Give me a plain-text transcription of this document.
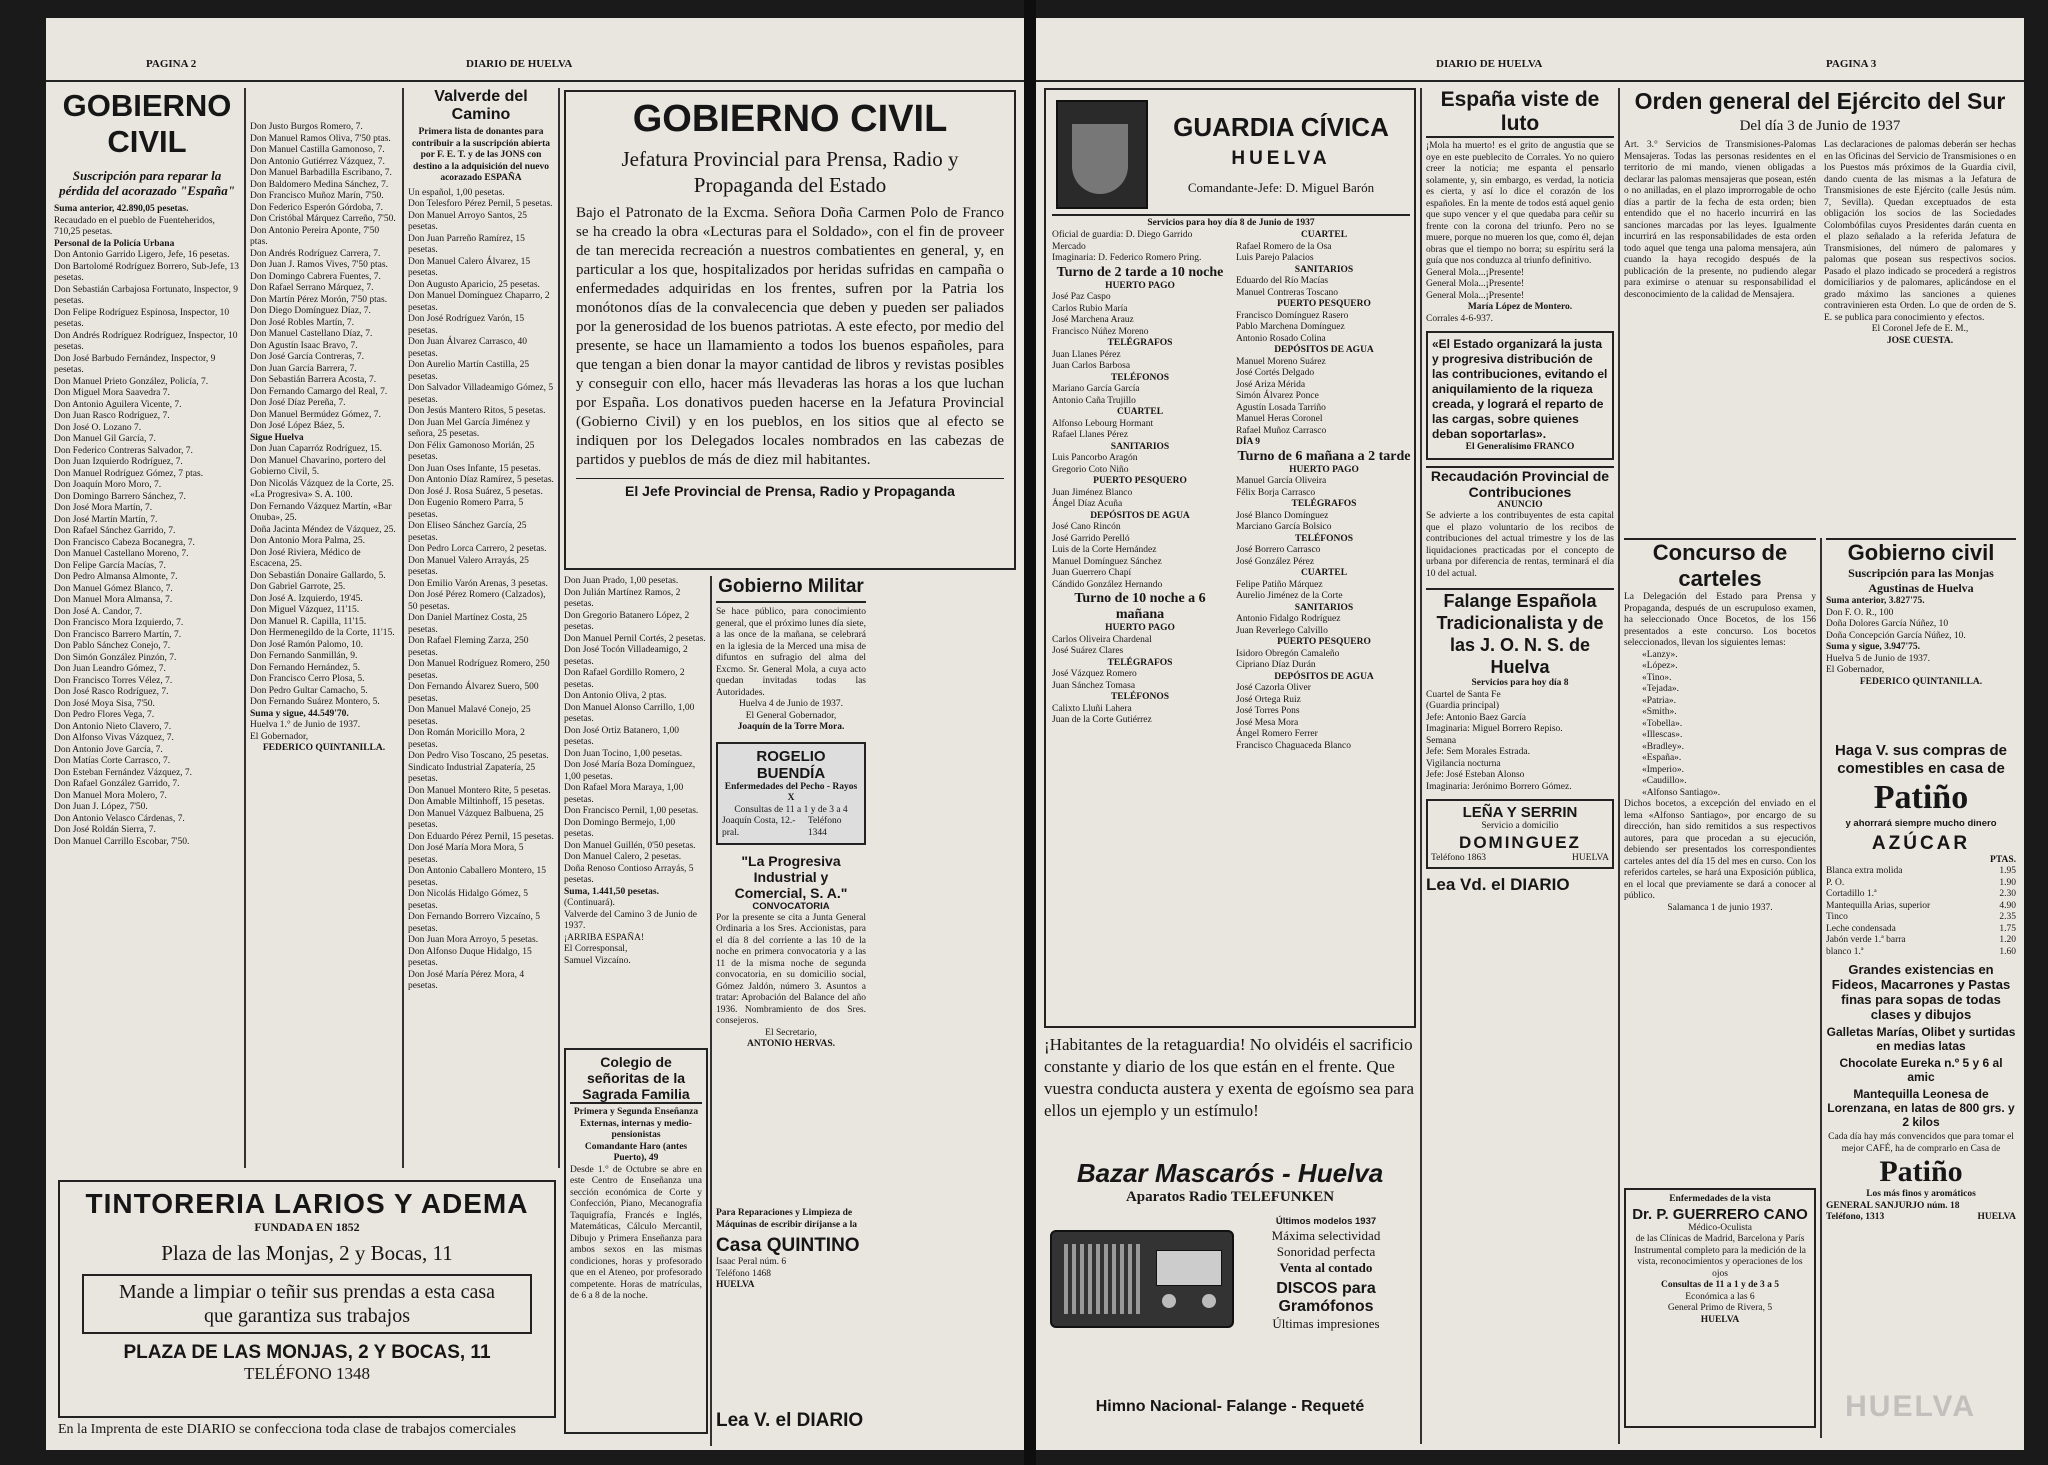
PAGINA 2	DIARIO DE HUELVA
GOBIERNO CIVIL
Suscripción para reparar la pérdida del acorazado "España"
Suma anterior, 42.890,05 pesetas.
Recaudado en el pueblo de Fuenteheridos, 710,25 pesetas.
Personal de la Policía Urbana
Don Antonio Garrido Ligero, Jefe, 16 pesetas.
Don Bartolomé Rodríguez Borrero, Sub-Jefe, 13 pesetas.
Don Sebastián Carbajosa Fortunato, Inspector, 9 pesetas.
Don Felipe Rodríguez Espinosa, Inspector, 10 pesetas.
Don Andrés Rodríguez Rodríguez, Inspector, 10 pesetas.
Don José Barbudo Fernández, Inspector, 9 pesetas.
Don Manuel Prieto González, Policía, 7.
Don Miguel Mora Saavedra 7.
Don Antonio Aguilera Vicente, 7.
Don Juan Rasco Rodríguez, 7.
Don José O. Lozano 7.
Don Manuel Gil García, 7.
Don Federico Contreras Salvador, 7.
Don Juan Izquierdo Rodríguez, 7.
Don Manuel Rodríguez Gómez, 7 ptas.
Don Joaquín Moro Moro, 7.
Don Domingo Barrero Sánchez, 7.
Don José Mora Martín, 7.
Don José Martín Martín, 7.
Don Rafael Sánchez Garrido, 7.
Don Francisco Cabeza Bocanegra, 7.
Don Manuel Castellano Moreno, 7.
Don Felipe García Macías, 7.
Don Pedro Almansa Almonte, 7.
Don Manuel Gómez Blanco, 7.
Don Manuel Mora Almansa, 7.
Don José A. Candor, 7.
Don Francisco Mora Izquierdo, 7.
Don Francisco Barrero Martín, 7.
Don Pablo Sánchez Conejo, 7.
Don Simón González Pinzón, 7.
Don Juan Leandro Gómez, 7.
Don Francisco Torres Vélez, 7.
Don José Rasco Rodríguez, 7.
Don José Moya Sisa, 7'50.
Don Pedro Flores Vega, 7.
Don Antonio Nieto Clavero, 7.
Don Alfonso Vivas Vázquez, 7.
Don Antonio Jove García, 7.
Don Matías Corte Carrasco, 7.
Don Esteban Fernández Vázquez, 7.
Don Rafael González Garrido, 7.
Don Manuel Mora Molero, 7.
Don Juan J. López, 7'50.
Don Antonio Velasco Cárdenas, 7.
Don José Roldán Sierra, 7.
Don Manuel Carrillo Escobar, 7'50.
Don Justo Burgos Romero, 7.
Don Manuel Ramos Oliva, 7'50 ptas.
Don Manuel Castilla Gamonoso, 7.
Don Antonio Gutiérrez Vázquez, 7.
Don Manuel Barbadilla Escribano, 7.
Don Baldomero Medina Sánchez, 7.
Don Francisco Muñoz Marín, 7'50.
Don Federico Esperón Górdoba, 7.
Don Cristóbal Márquez Carreño, 7'50.
Don Antonio Pereira Aponte, 7'50 ptas.
Don Andrés Rodríguez Carrera, 7.
Don Juan J. Ramos Vives, 7'50 ptas.
Don Domingo Cabrera Fuentes, 7.
Don Rafael Serrano Márquez, 7.
Don Martín Pérez Morón, 7'50 ptas.
Don Diego Domínguez Díaz, 7.
Don José Robles Martín, 7.
Don Manuel Castellano Díaz, 7.
Don Agustín Isaac Bravo, 7.
Don José García Contreras, 7.
Don Juan García Barrera, 7.
Don Sebastián Barrera Acosta, 7.
Don Fernando Camargo del Real, 7.
Don José Díaz Pereña, 7.
Don Manuel Bermúdez Gómez, 7.
Don José López Báez, 5.
Sigue Huelva
Don Juan Caparróz Rodríguez, 15.
Don Manuel Chavarino, portero del Gobierno Civil, 5.
Don Nicolás Vázquez de la Corte, 25.
«La Progresiva» S. A. 100.
Don Fernando Vázquez Martín, «Bar Onuba», 25.
Doña Jacinta Méndez de Vázquez, 25.
Don Antonio Mora Palma, 25.
Don José Riviera, Médico de Escacena, 25.
Don Sebastián Donaire Gallardo, 5.
Don Gabriel Garrote, 25.
Don José A. Izquierdo, 19'45.
Don Miguel Vázquez, 11'15.
Don Manuel R. Capilla, 11'15.
Don Hermenegildo de la Corte, 11'15.
Don José Ramón Palomo, 10.
Don Fernando Sanmillán, 9.
Don Fernando Hernández, 5.
Don Francisco Cerro Plosa, 5.
Don Pedro Gultar Camacho, 5.
Don Fernando Suárez Montero, 5.
Suma y sigue, 44.549'70.
Huelva 1.° de Junio de 1937.
El Gobernador,
FEDERICO QUINTANILLA.
Valverde del Camino
Primera lista de donantes para contribuir a la suscripción abierta por F. E. T. y de las JONS con destino a la adquisición del nuevo acorazado ESPAÑA
Un español, 1,00 pesetas.
Don Telesforo Pérez Pernil, 5 pesetas.
Don Manuel Arroyo Santos, 25 pesetas.
Don Juan Parreño Ramírez, 15 pesetas.
Don Manuel Calero Álvarez, 15 pesetas.
Don Augusto Aparicio, 25 pesetas.
Don Manuel Domínguez Chaparro, 2 pesetas.
Don José Rodríguez Varón, 15 pesetas.
Don Juan Álvarez Carrasco, 40 pesetas.
Don Aurelio Martín Castilla, 25 pesetas.
Don Salvador Villadeamigo Gómez, 5 pesetas.
Don Jesús Mantero Ritos, 5 pesetas.
Don Juan Mel García Jiménez y señora, 25 pesetas.
Don Félix Gamonoso Morián, 25 pesetas.
Don Juan Oses Infante, 15 pesetas.
Don Antonio Díaz Ramírez, 5 pesetas.
Don José J. Rosa Suárez, 5 pesetas.
Don Eugenio Romero Parra, 5 pesetas.
Don Eliseo Sánchez García, 25 pesetas.
Don Pedro Lorca Carrero, 2 pesetas.
Don Manuel Valero Arrayás, 25 pesetas.
Don Emilio Varón Arenas, 3 pesetas.
Don José Pérez Romero (Calzados), 50 pesetas.
Don Daniel Martínez Costa, 25 pesetas.
Don Rafael Fleming Zarza, 250 pesetas.
Don Manuel Rodríguez Romero, 250 pesetas.
Don Fernando Álvarez Suero, 500 pesetas.
Don Manuel Malavé Conejo, 25 pesetas.
Don Román Moricillo Mora, 2 pesetas.
Don Pedro Viso Toscano, 25 pesetas.
Sindicato Industrial Zapatería, 25 pesetas.
Don Manuel Montero Rite, 5 pesetas.
Don Amable Miltinhoff, 15 pesetas.
Don Manuel Vázquez Balbuena, 25 pesetas.
Don Eduardo Pérez Pernil, 15 pesetas.
Don José María Mora Mora, 5 pesetas.
Don Antonio Caballero Montero, 15 pesetas.
Don Nicolás Hidalgo Gómez, 5 pesetas.
Don Fernando Borrero Vizcaíno, 5 pesetas.
Don Juan Mora Arroyo, 5 pesetas.
Don Alfonso Duque Hidalgo, 15 pesetas.
Don José María Pérez Mora, 4 pesetas.
GOBIERNO CIVIL
Jefatura Provincial para Prensa, Radio y Propaganda del Estado
Bajo el Patronato de la Excma. Señora Doña Carmen Polo de Franco se ha creado la obra «Lecturas para el Soldado», con el fin de proveer de tan merecida recreación a nuestros combatientes en general, y, en particular a los que, hospitalizados por heridas sufridas en campaña o enfermedades adquiridas en los frentes, sufren por la Patria los monótonos días de la convalecencia que deben y pueden ser paliados por la generosidad de los buenos patriotas. A este efecto, por medio del presente, se hace un llamamiento a todos los buenos españoles, para que tengan a bien donar la mayor cantidad de libros y revistas posibles y conseguir con ello, hacer más llevaderas las horas a los que luchan por España. Los donativos pueden hacerse en la Jefatura Provincial (Gobierno Civil) y en los pueblos, en los sitios que al efecto se indiquen por los Delegados locales nombrados en las cabezas de partidos y pueblos de más de diez mil habitantes.
El Jefe Provincial de Prensa, Radio y Propaganda
Don Juan Prado, 1,00 pesetas.
Don Julián Martínez Ramos, 2 pesetas.
Don Gregorio Batanero López, 2 pesetas.
Don Manuel Pernil Cortés, 2 pesetas.
Don José Tocón Villadeamigo, 2 pesetas.
Don Rafael Gordillo Romero, 2 pesetas.
Don Antonio Oliva, 2 ptas.
Don Manuel Alonso Carrillo, 1,00 pesetas.
Don José Ortiz Batanero, 1,00 pesetas.
Don Juan Tocino, 1,00 pesetas.
Don José María Boza Domínguez, 1,00 pesetas.
Don Rafael Mora Maraya, 1,00 pesetas.
Don Francisco Pernil, 1,00 pesetas.
Don Domingo Bermejo, 1,00 pesetas.
Don Manuel Guillén, 0'50 pesetas.
Don Manuel Calero, 2 pesetas.
Doña Renoso Contioso Arrayás, 5 pesetas.
Suma, 1.441,50 pesetas.
(Continuará).
Valverde del Camino 3 de Junio de 1937.
¡ARRIBA ESPAÑA!
El Corresponsal,
Samuel Vizcaíno.
Gobierno Militar
Se hace público, para conocimiento general, que el próximo lunes día siete, a las once de la mañana, se celebrará en la iglesia de la Merced una misa de difuntos en sufragio del alma del Excmo. Sr. General Mola, a cuya acto quedan invitadas todas las Autoridades.
Huelva 4 de Junio de 1937.
El General Gobernador,
Joaquín de la Torre Mora.
ROGELIO BUENDÍA
Enfermedades del Pecho - Rayos X
Consultas de 11 a 1 y de 3 a 4
Joaquín Costa, 12.-pral.
Teléfono 1344
"La Progresiva Industrial y Comercial, S. A."
CONVOCATORIA
Por la presente se cita a Junta General Ordinaria a los Sres. Accionistas, para el día 8 del corriente a las 10 de la noche en primera convocatoria y a las 11 de la misma noche de segunda convocatoria, en su domicilio social, Gómez Jaldón, número 3. Asuntos a tratar: Aprobación del Balance del año 1936. Nombramiento de dos Sres. consejeros.
El Secretario,
ANTONIO HERVAS.
Colegio de señoritas de la Sagrada Familia
Primera y Segunda Enseñanza Externas, internas y medio-pensionistas
Comandante Haro (antes Puerto), 49
Desde 1.° de Octubre se abre en este Centro de Enseñanza una sección económica de Corte y Confección, Piano, Mecanografía Taquigrafía, Francés e Inglés, Matemáticas, Cálculo Mercantil, Dibujo y Primera Enseñanza para ambos sexos en las mismas condiciones, horas y profesorado que en el Ateneo, por profesorado competente. Horas de matrículas, de 6 a 8 de la noche.
Para Reparaciones y Limpieza de Máquinas de escribir diríjanse a la
Casa QUINTINO
Isaac Peral núm. 6
Teléfono 1468
HUELVA
Lea V. el DIARIO
TINTORERIA LARIOS Y ADEMA
FUNDADA EN 1852
Plaza de las Monjas, 2 y Bocas, 11
Mande a limpiar o teñir sus prendas a esta casa
que garantiza sus trabajos
PLAZA DE LAS MONJAS, 2 Y BOCAS, 11
TELÉFONO 1348
En la Imprenta de este DIARIO se confecciona toda clase de trabajos comerciales
DIARIO DE HUELVA	PAGINA 3
GUARDIA CÍVICA
HUELVA
Comandante-Jefe: D. Miguel Barón
Servicios para hoy día 8 de Junio de 1937
Oficial de guardia: D. Diego Garrido Mercado
Imaginaria: D. Federico Romero Pring.
Turno de 2 tarde a 10 noche
HUERTO PAGO
José Paz Caspo
Carlos Rubio María
José Marchena Arauz
Francisco Núñez Moreno
TELÉGRAFOS
Juan Llanes Pérez
Juan Carlos Barbosa
TELÉFONOS
Mariano García García
Antonio Caña Trujillo
CUARTEL
Alfonso Lebourg Hormant
Rafael Llanes Pérez
SANITARIOS
Luis Pancorbo Aragón
Gregorio Coto Niño
PUERTO PESQUERO
Juan Jiménez Blanco
Ángel Díaz Acuña
DEPÓSITOS DE AGUA
José Cano Rincón
José Garrido Perelló
Luis de la Corte Hernández
Manuel Domínguez Sánchez
Juan Guerrero Chapí
Cándido González Hernando
Turno de 10 noche a 6 mañana
HUERTO PAGO
Carlos Oliveira Chardenal
José Suárez Clares
TELÉGRAFOS
José Vázquez Romero
Juan Sánchez Tomasa
TELÉFONOS
Calixto Lluñi Lahera
Juan de la Corte Gutiérrez
CUARTEL
Rafael Romero de la Osa
Luis Parejo Palacios
SANITARIOS
Eduardo del Río Macías
Manuel Contreras Toscano
PUERTO PESQUERO
Francisco Domínguez Rasero
Pablo Marchena Domínguez
Antonio Rosado Colina
DEPÓSITOS DE AGUA
Manuel Moreno Suárez
José Cortés Delgado
José Ariza Mérida
Simón Álvarez Ponce
Agustín Losada Tarriño
Manuel Heras Coronel
Rafael Muñoz Carrasco
DÍA 9
Turno de 6 mañana a 2 tarde
HUERTO PAGO
Manuel García Oliveira
Félix Borja Carrasco
TELÉGRAFOS
José Blanco Domínguez
Marciano García Bolsico
TELÉFONOS
José Borrero Carrasco
José González Pérez
CUARTEL
Felipe Patiño Márquez
Aurelio Jiménez de la Corte
SANITARIOS
Antonio Fidalgo Rodríguez
Juan Reverlego Calvillo
PUERTO PESQUERO
Isidoro Obregón Camaleño
Cipriano Díaz Durán
DEPÓSITOS DE AGUA
José Cazorla Oliver
José Ortega Ruiz
José Torres Pons
José Mesa Mora
Ángel Romero Ferrer
Francisco Chaguaceda Blanco
¡Habitantes de la retaguardia! No olvidéis el sacrificio constante y diario de los que están en el frente. Que vuestra conducta austera y exenta de egoísmo sea para ellos un ejemplo y un estímulo!
Bazar Mascarós - Huelva
Aparatos Radio TELEFUNKEN
Últimos modelos 1937
Máxima selectividad
Sonoridad perfecta
Venta al contado
DISCOS para Gramófonos
Últimas impresiones
Himno Nacional- Falange - Requeté
España viste de luto
¡Mola ha muerto! es el grito de angustia que se oye en este pueblecito de Corrales. Yo no quiero creer la noticia; me espanta el pensarlo solamente, y, sin embargo, es verdad, la noticia es cierta, y así lo dice el corazón de los españoles. En la mente de todos está aquel genio que supo vencer y el que quedaba para ceñir su frente con la corona del triunfo. Pero no se muere, porque no mueren los que, como él, dejan obras que el tiempo no borra; su espíritu será la guía que nos conduzca al triunfo definitivo.
General Mola...¡Presente!
General Mola...¡Presente!
General Mola...¡Presente!
María López de Montero.
Corrales 4-6-937.
«El Estado organizará la justa y progresiva distribución de las contribuciones, evitando el aniquilamiento de la riqueza creada, y logrará el reparto de las cargas, sobre quienes deban soportarlas».
El Generalísimo FRANCO
Recaudación Provincial de Contribuciones
ANUNCIO
Se advierte a los contribuyentes de esta capital que el plazo voluntario de los recibos de contribuciones del actual trimestre y los de las liquidaciones practicadas por el concepto de urbana por diferencia de rentas, terminará el día 10 del actual.
Falange Española Tradicionalista y de las J. O. N. S. de Huelva
Servicios para hoy día 8
Cuartel de Santa Fe
(Guardia principal)
Jefe: Antonio Baez García
Imaginaria: Miguel Borrero Repiso.
Semana
Jefe: Sem Morales Estrada.
Vigilancia nocturna
Jefe: José Esteban Alonso
Imaginaria: Jerónimo Borrero Gómez.
LEÑA Y SERRIN
Servicio a domicilio
DOMINGUEZ
Teléfono 1863	HUELVA
Lea Vd. el DIARIO
Orden general del Ejército del Sur
Del día 3 de Junio de 1937
Art. 3.° Servicios de Transmisiones-Palomas Mensajeras. Todas las personas residentes en el territorio de mi mando, vienen obligadas a declarar las palomas mensajeras que posean, estén o no anilladas, en el plazo improrrogable de ocho días a partir de la fecha de esta orden; bien entendido que el no hacerlo incurrirá en las sanciones marcadas por las leyes. Igualmente incurrirá en las responsabilidades de esta orden todo aquel que tenga una paloma mensajera, aún cuando la haya recogido después de la publicación de la presente, no pudiendo alegar para eximirse o atenuar su responsabilidad el desconocimiento de la calidad de Mensajera.
Las declaraciones de palomas deberán ser hechas en las Oficinas del Servicio de Transmisiones o en los Puestos más próximos de la Guardia civil, dando cuenta de las mismas a la Jefatura de Transmisiones de este Ejército (calle Jesús núm. 7, Sevilla). Quedan exceptuados de esta obligación los socios de las Sociedades Colombófilas cuyos Presidentes darán cuenta en el plazo señalado a la referida Jefatura de Transmisiones, del número de palomares y palomas que posean sus respectivos socios. Pasado el plazo indicado se procederá a registros domiciliarios y de palomares, aplicándose en el grado máximo las sanciones a quienes contravinieren esta Orden. Lo que de orden de S. E. se publica para conocimiento y efectos.
El Coronel Jefe de E. M.,
JOSE CUESTA.
Concurso de carteles
La Delegación del Estado para Prensa y Propaganda, después de un escrupuloso examen, ha seleccionado Once Bocetos, de los 156 presentados a este concurso. Los bocetos seleccionados, llevan los siguientes lemas:
«Lanzy».
«López».
«Tino».
«Tejada».
«Patria».
«Smith».
«Tobella».
«Illescas».
«Bradley».
«España».
«Imperio».
«Caudillo».
«Alfonso Santiago».
Dichos bocetos, a excepción del enviado en el lema «Alfonso Santiago», por encargo de su dirección, han sido remitidos a sus respectivos autores, para que procedan a su ejecución, debiendo ser presentados los correspondientes carteles antes del día 15 del mes en curso. Con los referidos carteles, se hará una Exposición pública, en el local que previamente se dará a conocer al público.
Salamanca 1 de junio 1937.
Enfermedades de la vista
Dr. P. GUERRERO CANO
Médico-Oculista
de las Clínicas de Madrid, Barcelona y París
Instrumental completo para la medición de la vista, reconocimientos y operaciones de los ojos
Consultas de 11 a 1 y de 3 a 5
Económica a las 6
General Primo de Rivera, 5
HUELVA
Gobierno civil
Suscripción para las Monjas Agustinas de Huelva
Suma anterior, 3.827'75.
Don F. O. R., 100
Doña Dolores García Núñez, 10
Doña Concepción García Núñez, 10.
Suma y sigue, 3.947'75.
Huelva 5 de Junio de 1937.
El Gobernador,
FEDERICO QUINTANILLA.
Haga V. sus compras de comestibles en casa de
Patiño
y ahorrará siempre mucho dinero
AZÚCAR
PTAS.
Blanca extra molida	1.95
P. O.	1.90
Cortadillo 1.ª	2.30
Mantequilla Arias, superior	4.90
Tinco	2.35
Leche condensada	1.75
Jabón verde 1.ª barra	1.20
blanco 1.ª	1.60
Grandes existencias en Fideos, Macarrones y Pastas finas para sopas de todas clases y dibujos
Galletas Marías, Olibet y surtidas en medias latas
Chocolate Eureka n.º 5 y 6 al amic
Mantequilla Leonesa de Lorenzana, en latas de 800 grs. y 2 kilos
Cada día hay más convencidos que para tomar el mejor CAFÉ, ha de comprarlo en Casa de
Patiño
Los más finos y aromáticos
GENERAL SANJURJO núm. 18
Teléfono, 1313	HUELVA
HUELVA
